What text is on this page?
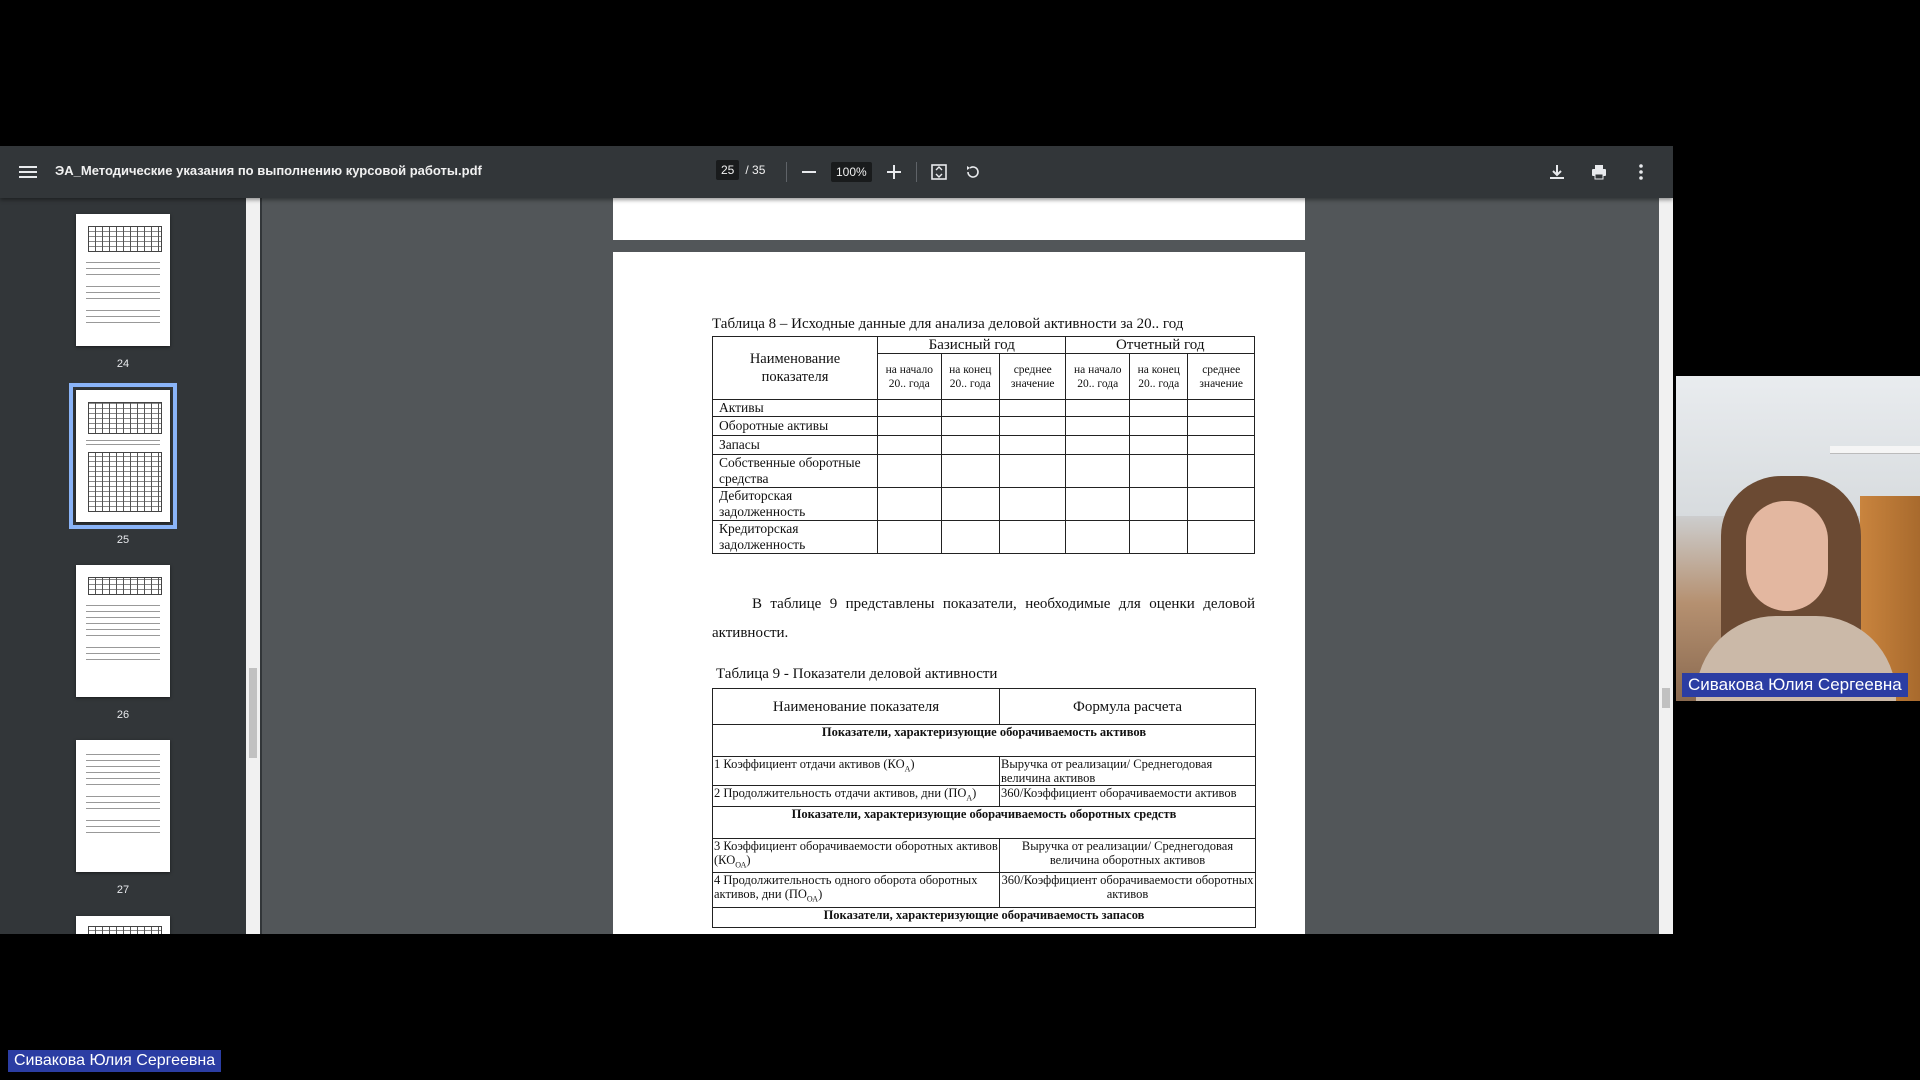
ЭА_Методические указания по выполнению курсовой работы.pdf	25 / 35	100%
24
25
26
27
Таблица 8 – Исходные данные для анализа деловой активности за 20.. год
Наименование показателя	Базисный год			Отчетный год		
	на начало 20.. года	на конец 20.. года	среднее значение	на начало 20.. года	на конец 20.. года	среднее значение
Активы						
Оборотные активы						
Запасы						
Собственные оборотные средства						
Дебиторская задолженность						
Кредиторская задолженность						
В таблице 9 представлены показатели, необходимые для оценки деловой активности.
Таблица 9 - Показатели деловой активности
Наименование показателя	Формула расчета
Показатели, характеризующие оборачиваемость активов	
1 Коэффициент отдачи активов $(КО_А)$	Выручка от реализации/ Среднегодовая величина активов
2 Продолжительность отдачи активов, дни $(ПО_А)$	360/Коэффициент оборачиваемости активов
Показатели, характеризующие оборачиваемость оборотных средств	
3 Коэффициент оборачиваемости оборотных активов $(КО_{ОА})$	Выручка от реализации/ Среднегодовая величина оборотных активов
4 Продолжительность одного оборота оборотных активов, дни $(ПО_{ОА})$	360/Коэффициент оборачиваемости оборотных активов
Показатели, характеризующие оборачиваемость запасов	
Сивакова Юлия Сергеевна
Сивакова Юлия Сергеевна
